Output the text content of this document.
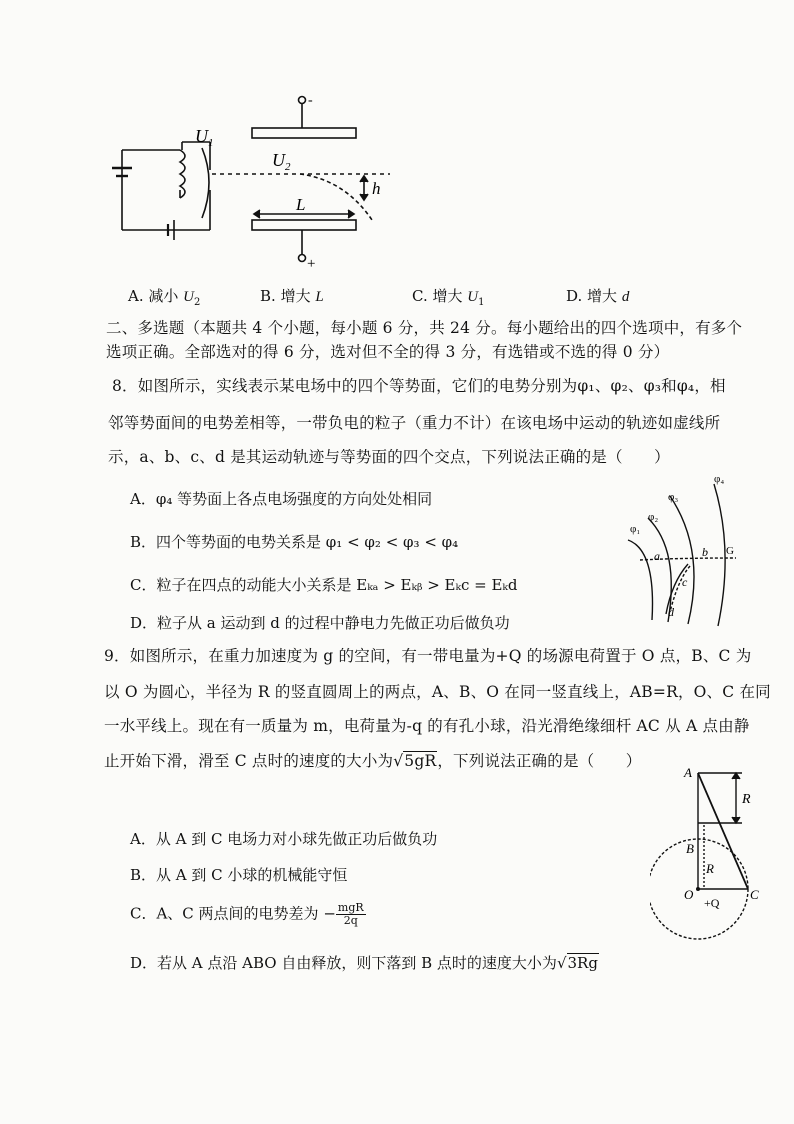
-
+
$U_1$
$U_2$
h
L
A. 减小 $U_2$	B. 增大 L	C. 增大 $U_1$	D. 增大 d
二、多选题（本题共 4 个小题，每小题 6 分，共 24 分。每小题给出的四个选项中，有多个
选项正确。全部选对的得 6 分，选对但不全的得 3 分，有选错或不选的得 0 分）
8．如图所示，实线表示某电场中的四个等势面，它们的电势分别为φ₁、φ₂、φ₃和φ₄，相
邻等势面间的电势差相等，一带负电的粒子（重力不计）在该电场中运动的轨迹如虚线所
示，a、b、c、d 是其运动轨迹与等势面的四个交点，下列说法正确的是（　　）
A．φ₄ 等势面上各点电场强度的方向处处相同
B．四个等势面的电势关系是 φ₁ < φ₂ < φ₃ < φ₄
C．粒子在四点的动能大小关系是 Eₖₐ > Eₖᵦ > Eₖc = Eₖd
D．粒子从 a 运动到 d 的过程中静电力先做正功后做负功
φ₁
φ₂
φ₃
φ₄
b G
c
d
a
9．如图所示，在重力加速度为 g 的空间，有一带电量为+Q 的场源电荷置于 O 点，B、C 为
以 O 为圆心，半径为 R 的竖直圆周上的两点，A、B、O 在同一竖直线上，AB=R，O、C 在同
一水平线上。现在有一质量为 m，电荷量为-q 的有孔小球，沿光滑绝缘细杆 AC 从 A 点由静
止开始下滑，滑至 C 点时的速度的大小为√5gR，下列说法正确的是（　　）
A．从 A 到 C 电场力对小球先做正功后做负功
B．从 A 到 C 小球的机械能守恒
C．A、C 两点间的电势差为 − $\frac{\text{mgR}}{2q}$
D．若从 A 点沿 ABO 自由释放，则下落到 B 点时的速度大小为√3Rg
A
B
O	C
R
R
+Q
